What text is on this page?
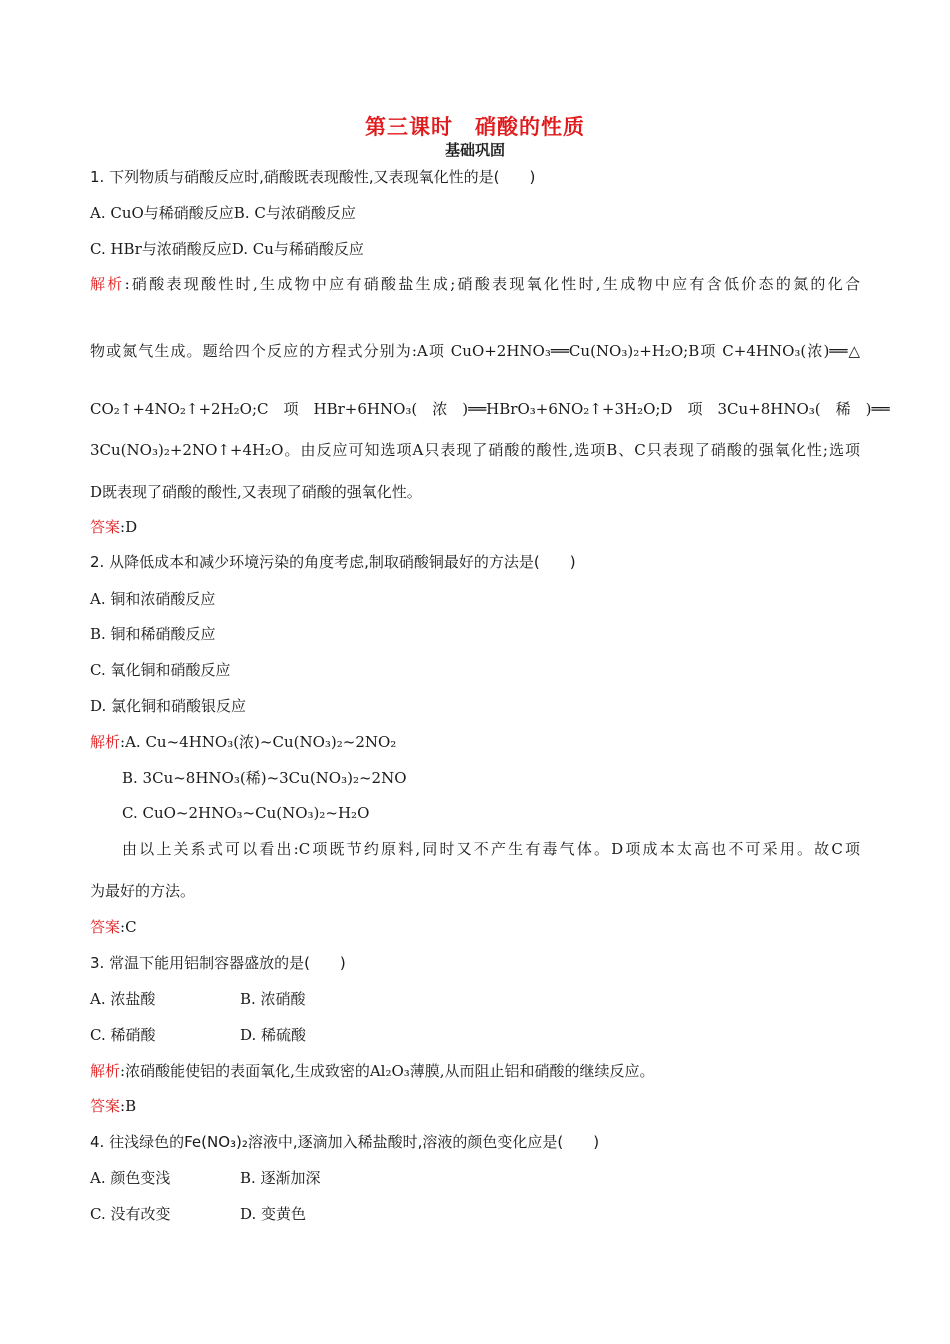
第三课时　硝酸的性质
基础巩固
1. 下列物质与硝酸反应时,硝酸既表现酸性,又表现氧化性的是(　　)
A. CuO与稀硝酸反应B. C与浓硝酸反应
C. HBr与浓硝酸反应D. Cu与稀硝酸反应
解析:硝酸表现酸性时,生成物中应有硝酸盐生成;硝酸表现氧化性时,生成物中应有含低价态的氮的化合
物或氮气生成。题给四个反应的方程式分别为:A项 CuO+2HNO₃══Cu(NO₃)₂+H₂O;B项 C+4HNO₃(浓)══△
CO₂↑+4NO₂↑+2H₂O;C　项　HBr+6HNO₃(　浓　)══HBrO₃+6NO₂↑+3H₂O;D　项　3Cu+8HNO₃(　稀　)══
3Cu(NO₃)₂+2NO↑+4H₂O。由反应可知选项A只表现了硝酸的酸性,选项B、C只表现了硝酸的强氧化性;选项
D既表现了硝酸的酸性,又表现了硝酸的强氧化性。
答案:D
2. 从降低成本和减少环境污染的角度考虑,制取硝酸铜最好的方法是(　　)
A. 铜和浓硝酸反应
B. 铜和稀硝酸反应
C. 氧化铜和硝酸反应
D. 氯化铜和硝酸银反应
解析:A. Cu~4HNO₃(浓)~Cu(NO₃)₂~2NO₂
B. 3Cu~8HNO₃(稀)~3Cu(NO₃)₂~2NO
C. CuO~2HNO₃~Cu(NO₃)₂~H₂O
由以上关系式可以看出:C项既节约原料,同时又不产生有毒气体。D项成本太高也不可采用。故C项
为最好的方法。
答案:C
3. 常温下能用铝制容器盛放的是(　　)
A. 浓盐酸	B. 浓硝酸
C. 稀硝酸	D. 稀硫酸
解析:浓硝酸能使铝的表面氧化,生成致密的Al₂O₃薄膜,从而阻止铝和硝酸的继续反应。
答案:B
4. 往浅绿色的Fe(NO₃)₂溶液中,逐滴加入稀盐酸时,溶液的颜色变化应是(　　)
A. 颜色变浅	B. 逐渐加深
C. 没有改变	D. 变黄色
